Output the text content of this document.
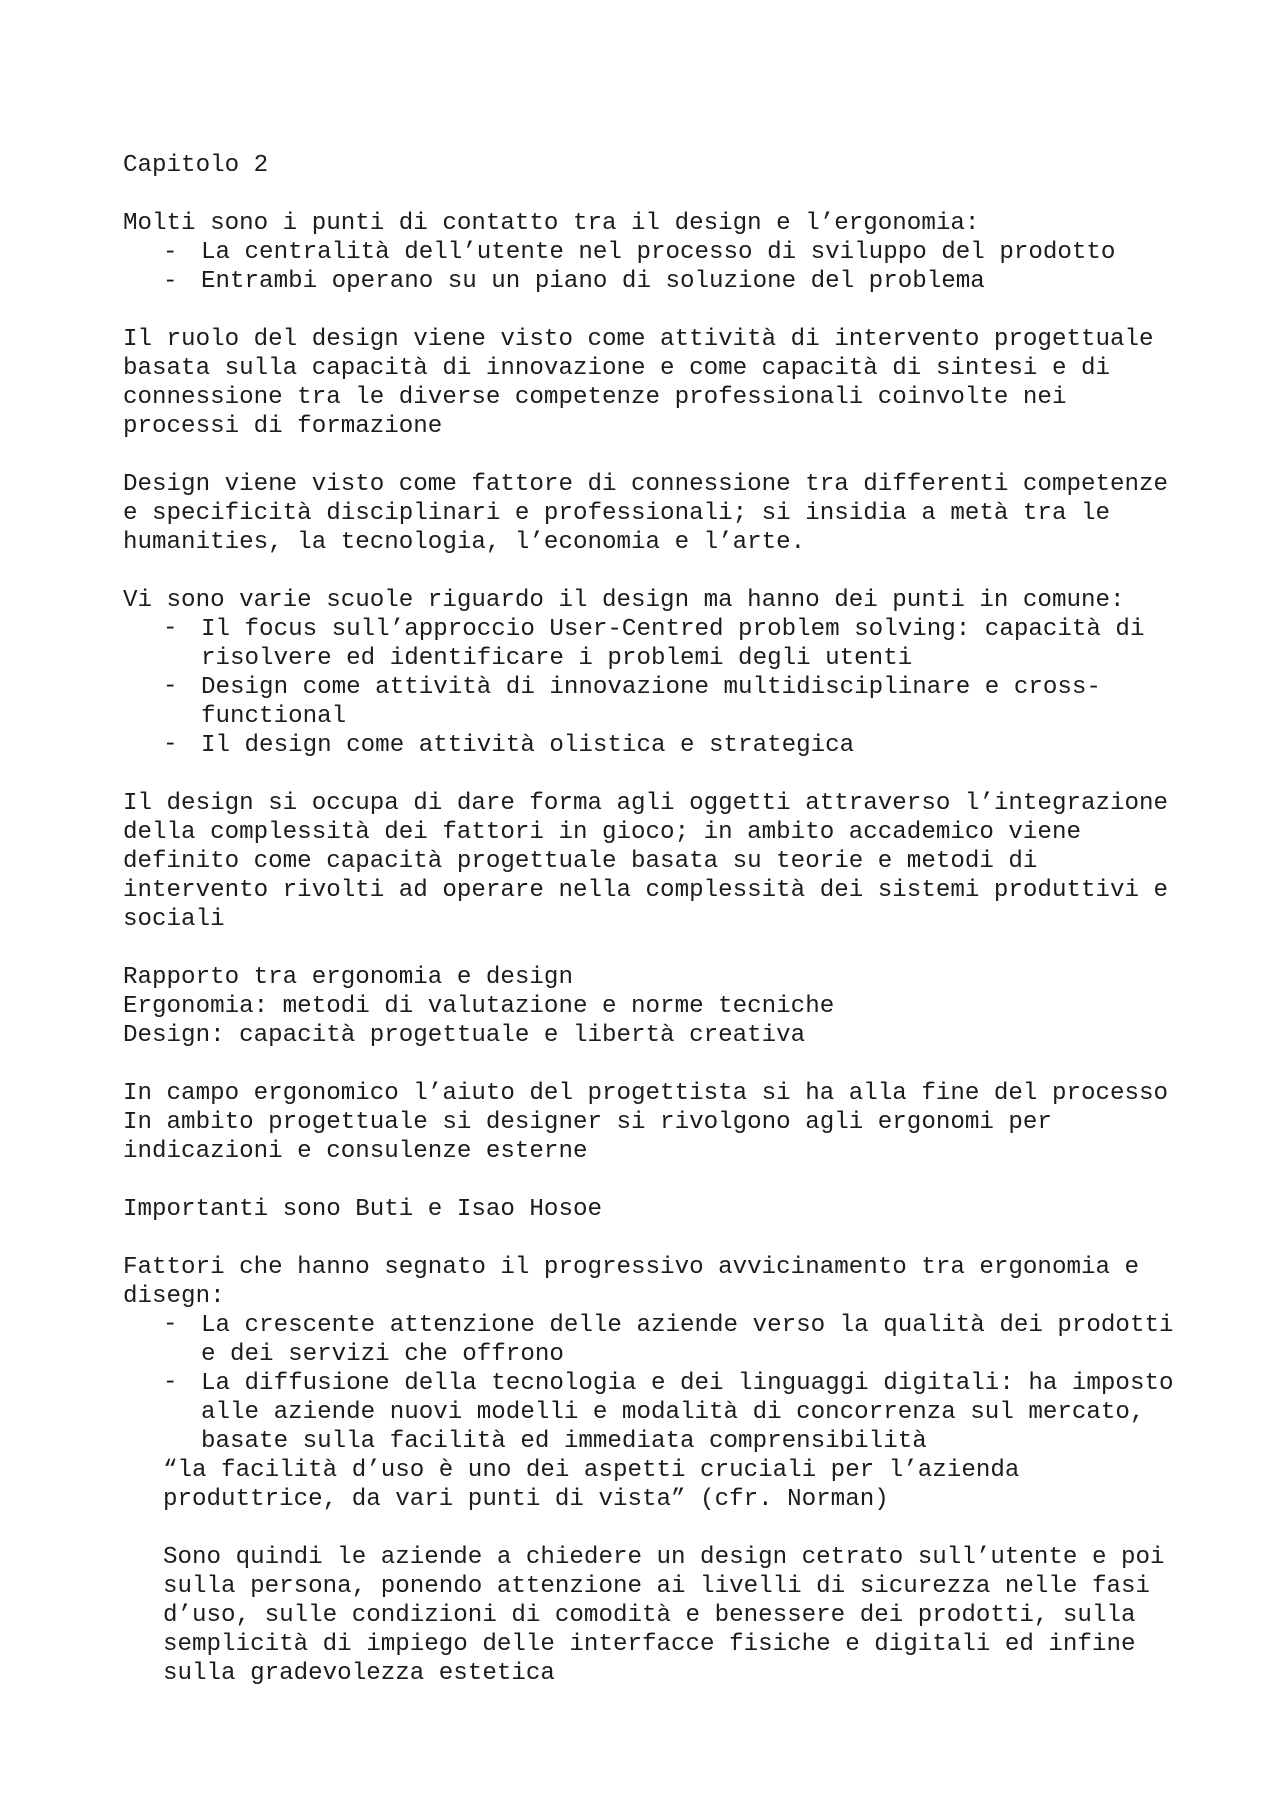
Capitolo 2
Molti sono i punti di contatto tra il design e l’ergonomia:
- La centralità dell’utente nel processo di sviluppo del prodotto
- Entrambi operano su un piano di soluzione del problema
Il ruolo del design viene visto come attività di intervento progettuale
basata sulla capacità di innovazione e come capacità di sintesi e di
connessione tra le diverse competenze professionali coinvolte nei
processi di formazione
Design viene visto come fattore di connessione tra differenti competenze
e specificità disciplinari e professionali; si insidia a metà tra le
humanities, la tecnologia, l’economia e l’arte.
Vi sono varie scuole riguardo il design ma hanno dei punti in comune:
- Il focus sull’approccio User-Centred problem solving: capacità di
risolvere ed identificare i problemi degli utenti
- Design come attività di innovazione multidisciplinare e cross-
functional
- Il design come attività olistica e strategica
Il design si occupa di dare forma agli oggetti attraverso l’integrazione
della complessità dei fattori in gioco; in ambito accademico viene
definito come capacità progettuale basata su teorie e metodi di
intervento rivolti ad operare nella complessità dei sistemi produttivi e
sociali
Rapporto tra ergonomia e design
Ergonomia: metodi di valutazione e norme tecniche
Design: capacità progettuale e libertà creativa
In campo ergonomico l’aiuto del progettista si ha alla fine del processo
In ambito progettuale si designer si rivolgono agli ergonomi per
indicazioni e consulenze esterne
Importanti sono Buti e Isao Hosoe
Fattori che hanno segnato il progressivo avvicinamento tra ergonomia e
disegn:
- La crescente attenzione delle aziende verso la qualità dei prodotti
e dei servizi che offrono
- La diffusione della tecnologia e dei linguaggi digitali: ha imposto
alle aziende nuovi modelli e modalità di concorrenza sul mercato,
basate sulla facilità ed immediata comprensibilità
“la facilità d’uso è uno dei aspetti cruciali per l’azienda
produttrice, da vari punti di vista” (cfr. Norman)
Sono quindi le aziende a chiedere un design cetrato sull’utente e poi
sulla persona, ponendo attenzione ai livelli di sicurezza nelle fasi
d’uso, sulle condizioni di comodità e benessere dei prodotti, sulla
semplicità di impiego delle interfacce fisiche e digitali ed infine
sulla gradevolezza estetica
